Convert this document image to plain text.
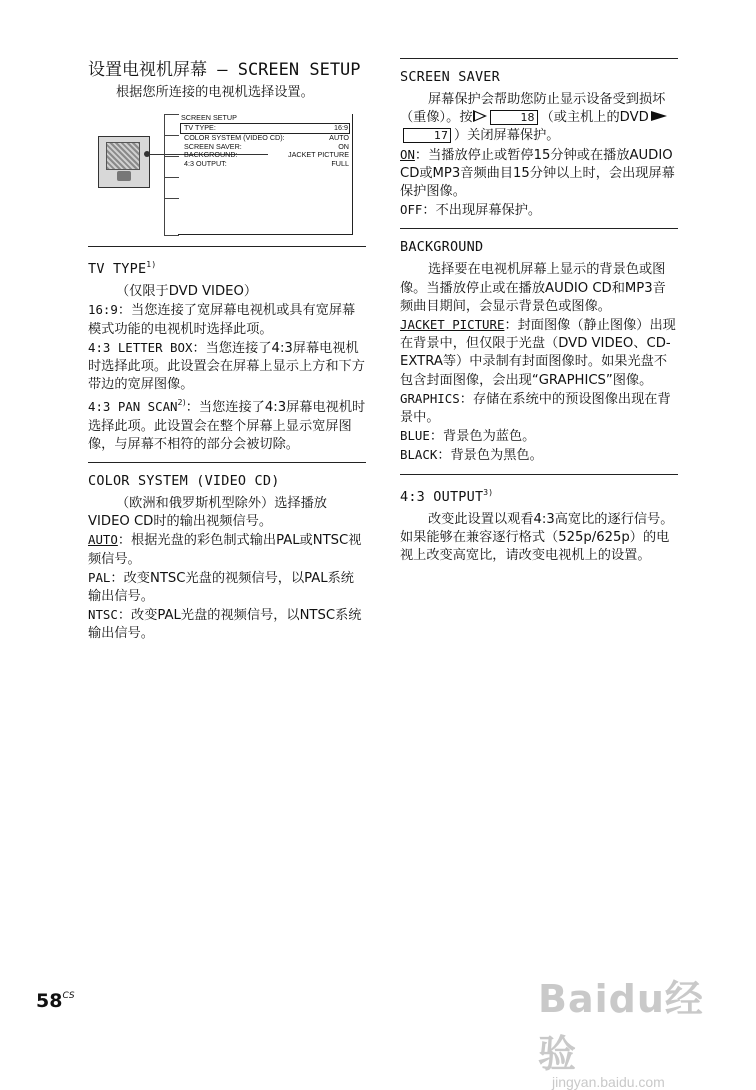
设置电视机屏幕 — SCREEN SETUP

根据您所连接的电视机选择设置。

SCREEN SETUP
TV TYPE:	16:9
COLOR SYSTEM (VIDEO CD):	AUTO
SCREEN SAVER:	ON
BACKGROUND:	JACKET PICTURE
4:3 OUTPUT:	FULL
TV TYPE$^{1)}$

（仅限于DVD VIDEO）

16:9：当您连接了宽屏幕电视机或具有宽屏幕模式功能的电视机时选择此项。

4:3 LETTER BOX：当您连接了4:3屏幕电视机时选择此项。此设置会在屏幕上显示上方和下方带边的宽屏图像。

4:3 PAN SCAN$^{2)}$：当您连接了4:3屏幕电视机时选择此项。此设置会在整个屏幕上显示宽屏图像，与屏幕不相符的部分会被切除。

COLOR SYSTEM (VIDEO CD)

（欧洲和俄罗斯机型除外）选择播放VIDEO CD时的输出视频信号。

AUTO：根据光盘的彩色制式输出PAL或NTSC视频信号。

PAL：改变NTSC光盘的视频信号，以PAL系统输出信号。

NTSC：改变PAL光盘的视频信号，以NTSC系统输出信号。

SCREEN SAVER

屏幕保护会帮助您防止显示设备受到损坏（重像）。按	18 （或主机上的DVD17 ）关闭屏幕保护。

ON：当播放停止或暂停15分钟或在播放AUDIO CD或MP3音频曲目15分钟以上时，会出现屏幕保护图像。

OFF：不出现屏幕保护。

BACKGROUND

选择要在电视机屏幕上显示的背景色或图像。当播放停止或在播放AUDIO CD和MP3音频曲目期间，会显示背景色或图像。

JACKET PICTURE：封面图像（静止图像）出现在背景中，但仅限于光盘（DVD VIDEO、CD-EXTRA等）中录制有封面图像时。如果光盘不包含封面图像，会出现“GRAPHICS”图像。

GRAPHICS：存储在系统中的预设图像出现在背景中。

BLUE：背景色为蓝色。

BLACK：背景色为黑色。

4:3 OUTPUT$^{3)}$

改变此设置以观看4:3高宽比的逐行信号。如果能够在兼容逐行格式（525p/625p）的电视上改变高宽比，请改变电视机上的设置。

$58^{CS}$	Baidu经验
jingyan.baidu.com
